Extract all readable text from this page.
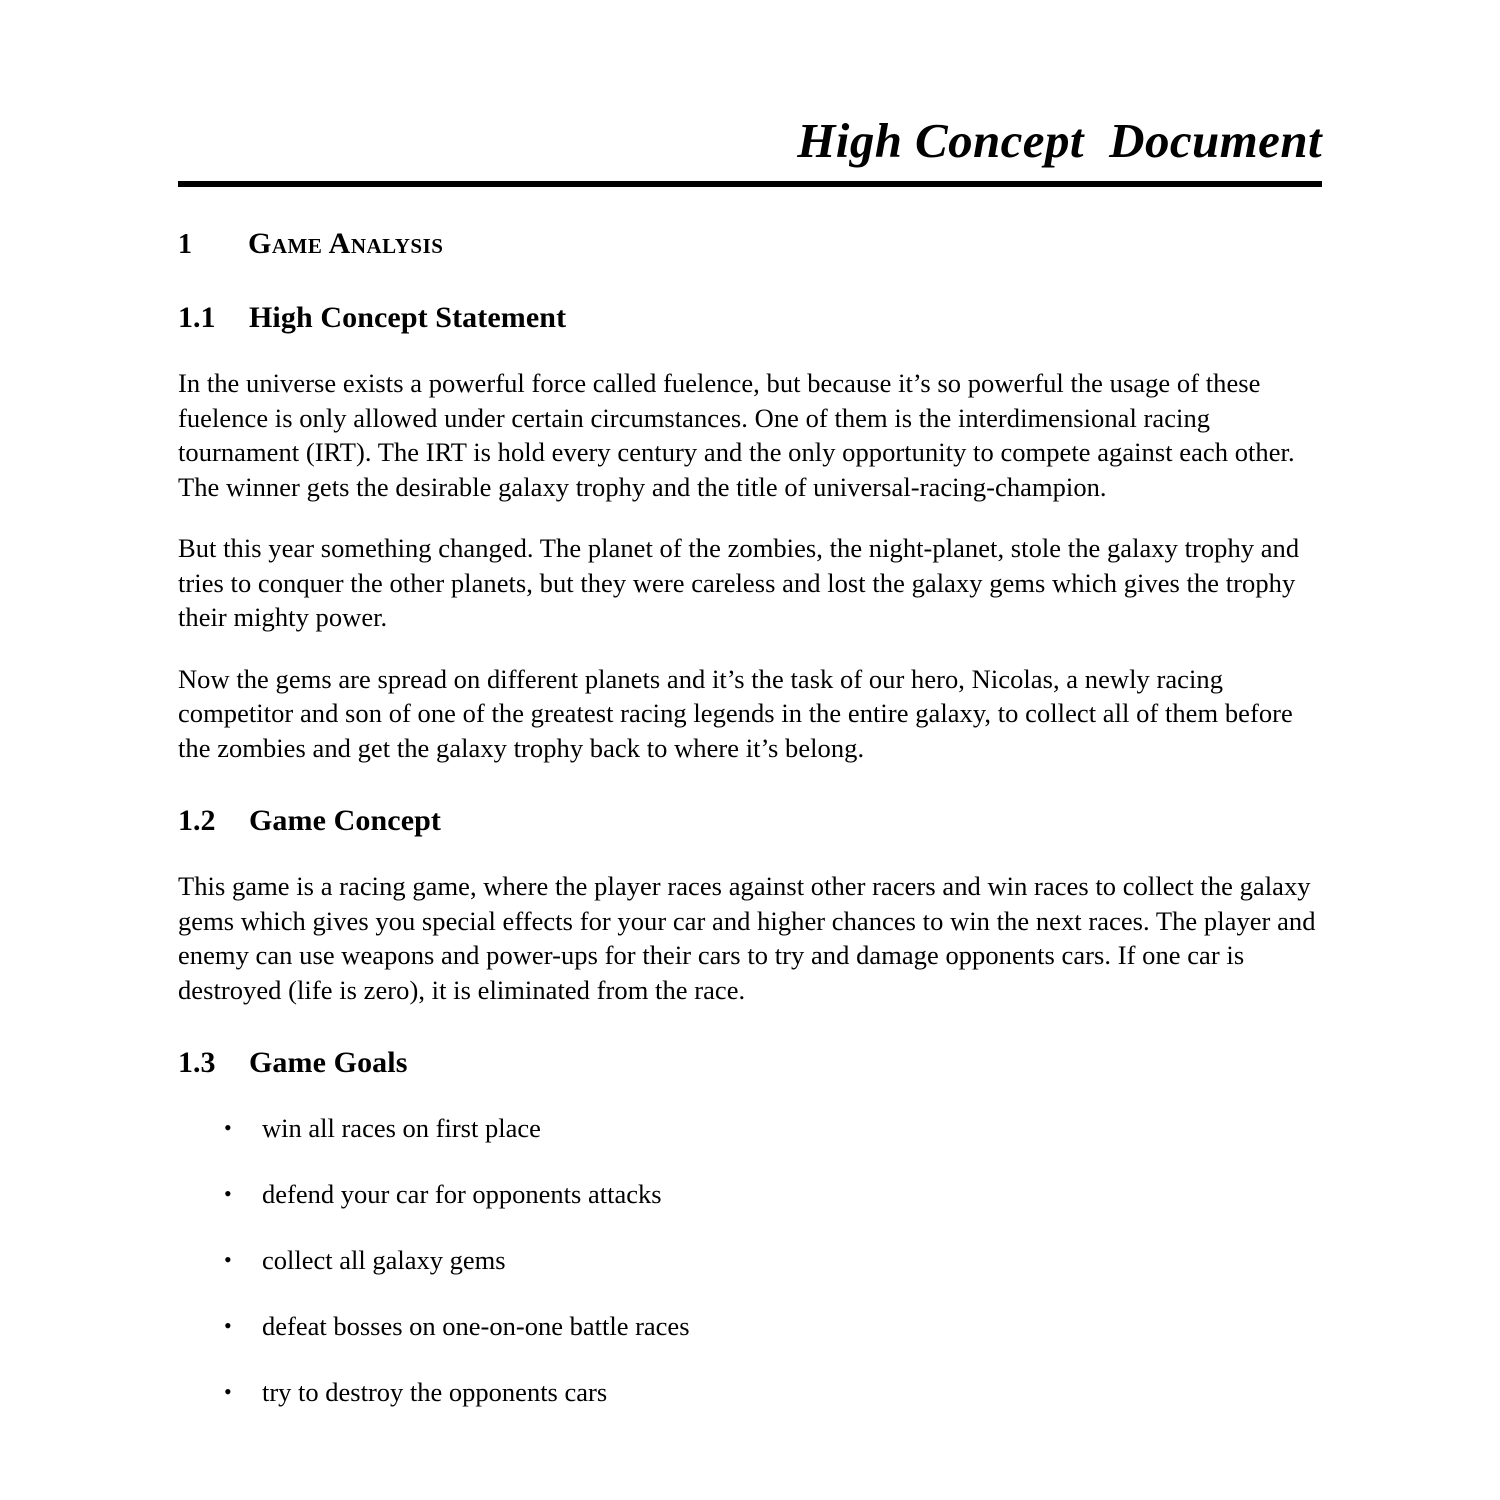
High Concept  Document
1	Game Analysis
1.1	High Concept Statement

In the universe exists a powerful force called fuelence, but because it’s so powerful the usage of these fuelence is only allowed under certain circumstances. One of them is the interdimensional racing tournament (IRT). The IRT is hold every century and the only opportunity to compete against each other. The winner gets the desirable galaxy trophy and the title of universal-racing-champion.

But this year something changed. The planet of the zombies, the night-planet, stole the galaxy trophy and tries to conquer the other planets, but they were careless and lost the galaxy gems which gives the trophy their mighty power.

Now the gems are spread on different planets and it’s the task of our hero, Nicolas, a newly racing competitor and son of one of the greatest racing legends in the entire galaxy, to collect all of them before the zombies and get the galaxy trophy back to where it’s belong.

1.2	Game Concept

This game is a racing game, where the player races against other racers and win races to collect the galaxy gems which gives you special effects for your car and higher chances to win the next races. The player and enemy can use weapons and power-ups for their cars to try and damage opponents cars. If one car is destroyed (life is zero), it is eliminated from the race.

1.3	Game Goals
• win all races on first place
• defend your car for opponents attacks
• collect all galaxy gems
• defeat bosses on one-on-one battle races
• try to destroy the opponents cars
